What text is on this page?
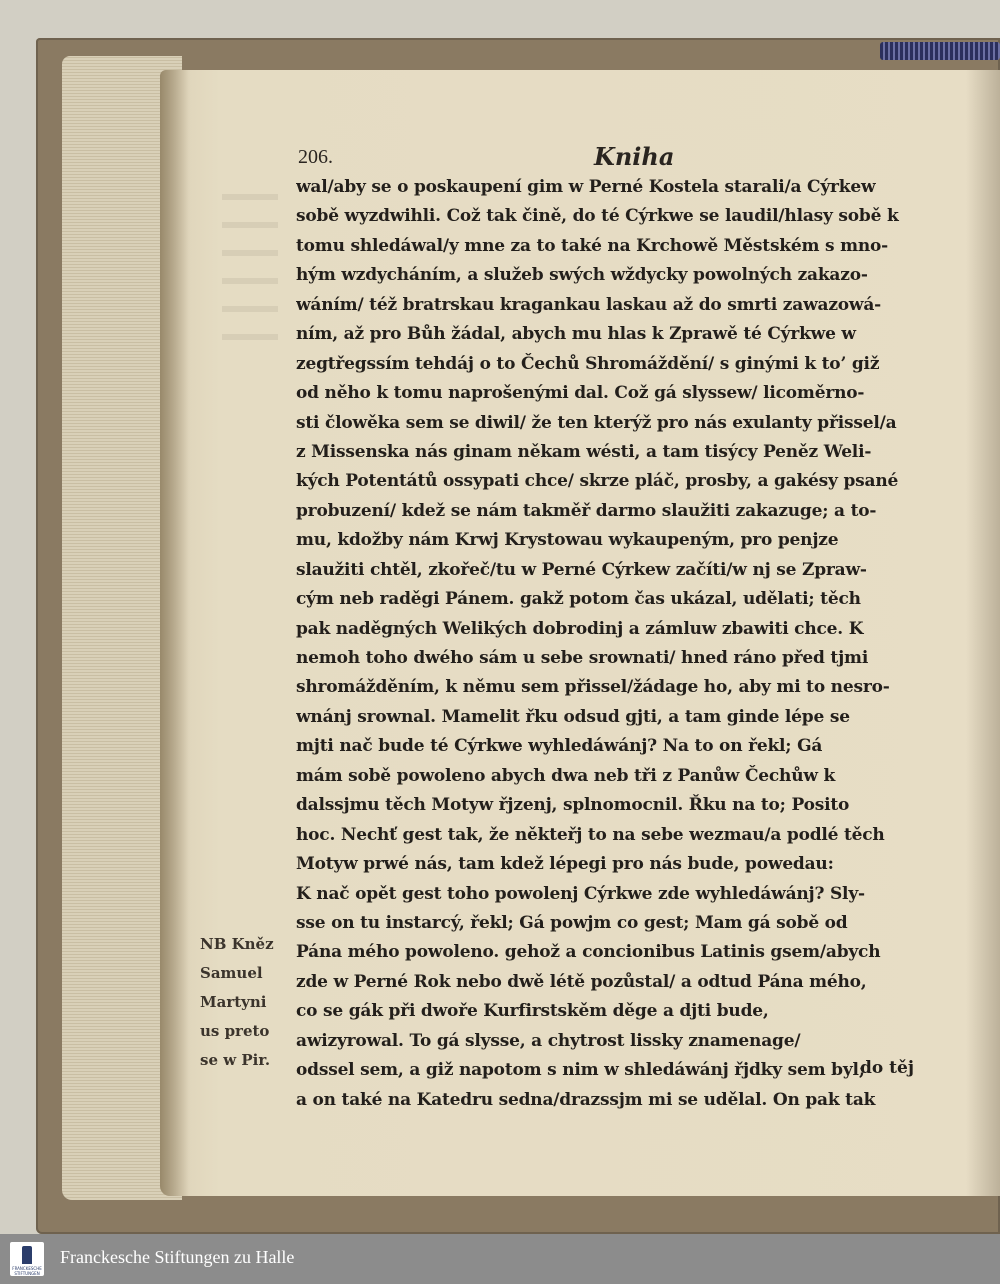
206.	Kniha
wal/aby se o poskaupení gim w Perné Kostela starali/a Cýrkew
sobě wyzdwihli. Což tak čině, do té Cýrkwe se laudil/hlasy sobě k
tomu shledáwal/y mne za to také na Krchowě Městském s mno-
hým wzdycháním, a služeb swých wždycky powolných zakazo-
wáním/ též bratrskau kragankau laskau až do smrti zawazowá-
ním, až pro Bůh žádal, abych mu hlas k Zprawě té Cýrkwe w
zegtřegssím tehdáj o to Čechů Shromáždění/ s ginými k to’ giž
od něho k tomu naprošenými dal. Což gá slyssew/ licoměrno-
sti člowěka sem se diwil/ že ten kterýž pro nás exulanty přissel/a
z Missenska nás ginam někam wésti, a tam tisýcy Peněz Weli-
kých Potentátů ossypati chce/ skrze pláč, prosby, a gakésy psané
probuzení/ kdež se nám takměř darmo slaužiti zakazuge; a to-
mu, kdožby nám Krwj Krystowau wykaupeným, pro penjze
slaužiti chtěl, zkořeč/tu w Perné Cýrkew začíti/w nj se Zpraw-
cým neb raděgi Pánem. gakž potom čas ukázal, udělati; těch
pak naděgných Welikých dobrodinj a zámluw zbawiti chce. K
nemoh toho dwého sám u sebe srownati/ hned ráno před tjmi
shromážděním, k němu sem přissel/žádage ho, aby mi to nesro-
wnánj srownal. Mamelit řku odsud gjti, a tam ginde lépe se
mjti nač bude té Cýrkwe wyhledáwánj? Na to on řekl; Gá
mám sobě powoleno abych dwa neb tři z Panůw Čechůw k
dalssjmu těch Motyw řjzenj, splnomocnil. Řku na to; Posito
hoc. Nechť gest tak, že někteřj to na sebe wezmau/a podlé těch
Motyw prwé nás, tam kdež lépegi pro nás bude, powedau:
K nač opět gest toho powolenj Cýrkwe zde wyhledáwánj? Sly-
sse on tu instarcý, řekl; Gá powjm co gest; Mam gá sobě od
Pána mého powoleno. gehož a concionibus Latinis gsem/abych
zde w Perné Rok nebo dwě létě pozůstal/ a odtud Pána mého,
co se gák při dwoře Kurfirstskěm děge a djti bude,
awizyrowal. To gá slysse, a chytrost lissky znamenage/
odssel sem, a giž napotom s nim w shledáwánj řjdky sem byl;
a on také na Katedru sedna/drazssjm mi se udělal. On pak tak
do těj
NB Kněz
Samuel
Martyni
us preto
se w Pir.
FRANCKESCHE STIFTUNGEN
Franckesche Stiftungen zu Halle
